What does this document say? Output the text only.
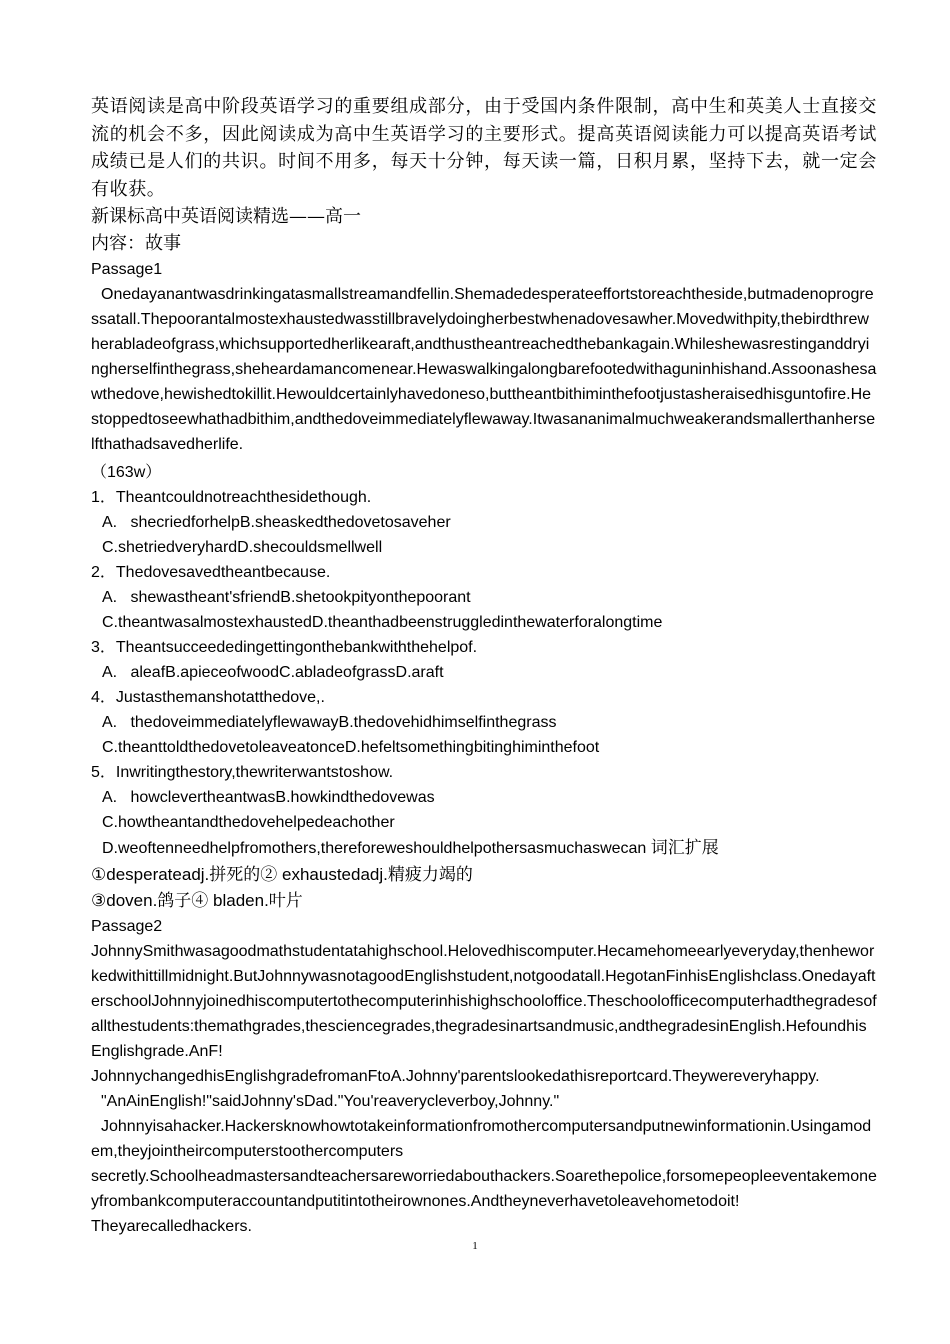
英语阅读是高中阶段英语学习的重要组成部分，由于受国内条件限制，高中生和英美人士直接交流的机会不多，因此阅读成为高中生英语学习的主要形式。提高英语阅读能力可以提高英语考试成绩已是人们的共识。时间不用多，每天十分钟，每天读一篇，日积月累，坚持下去，就一定会有收获。

新课标高中英语阅读精选——高一

内容：故事

Passage1

Onedayanantwasdrinkingatasmallstreamandfellin.Shemadedesperateeffortstoreachtheside,butmadenoprogressatall.Thepoorantalmostexhaustedwasstillbravelydoingherbestwhenadovesawher.Movedwithpity,thebirdthrewherabladeofgrass,whichsupportedherlikearaft,andthustheantreachedthebankagain.Whileshewasrestinganddryingherselfinthegrass,sheheardamancomenear.Hewaswalkingalongbarefootedwithaguninhishand.Assoonashesawthedove,hewishedtokillit.Hewouldcertainlyhavedoneso,buttheantbithiminthefootjustasheraisedhisguntofire.Hestoppedtoseewhathadbithim,andthedoveimmediatelyflewaway.Itwasananimalmuchweakerandsmallerthanherselfthathadsavedherlife.

（163w）

1．Theantcouldnotreachthesidethough.

A.   shecriedforhelpB.sheaskedthedovetosaveher

C.shetriedveryhardD.shecouldsmellwell

2．Thedovesavedtheantbecause.

A.   shewastheant'sfriendB.shetookpityonthepoorant

C.theantwasalmostexhaustedD.theanthadbeenstruggledinthewaterforalongtime

3．Theantsucceededingettingonthebankwiththehelpof.

A.   aleafB.apieceofwoodC.abladeofgrassD.araft

4．Justasthemanshotatthedove,.

A.   thedoveimmediatelyflewawayB.thedovehidhimselfinthegrass

C.theanttoldthedovetoleaveatonceD.hefeltsomethingbitinghiminthefoot

5．Inwritingthestory,thewriterwantstoshow.

A.   howclevertheantwasB.howkindthedovewas

C.howtheantandthedovehelpedeachother

D.weoftenneedhelpfromothers,thereforeweshouldhelpothersasmuchaswecan 词汇扩展

①desperateadj.拼死的② exhaustedadj.精疲力竭的

③doven.鸽子④ bladen.叶片

Passage2

JohnnySmithwasagoodmathstudentatahighschool.Helovedhiscomputer.Hecamehomeearlyeveryday,thenheworkedwithittillmidnight.ButJohnnywasnotagoodEnglishstudent,notgoodatall.HegotanFinhisEnglishclass.OnedayafterschoolJohnnyjoinedhiscomputertothecomputerinhishighschooloffice.Theschoolofficecomputerhadthegradesofallthestudents:themathgrades,thesciencegrades,thegradesinartsandmusic,andthegradesinEnglish.HefoundhisEnglishgrade.AnF!

JohnnychangedhisEnglishgradefromanFtoA.Johnny'parentslookedathisreportcard.Theywereveryhappy.

"AnAinEnglish!"saidJohnny'sDad."You'reaverycleverboy,Johnny."

Johnnyisahacker.Hackersknowhowtotakeinformationfromothercomputersandputnewinformationin.Usingamodem,theyjointheircomputerstoothercomputers

secretly.Schoolheadmastersandteachersareworriedabouthackers.Soarethepolice,forsomepeopleeventakemoneyfrombankcomputeraccountandputitintotheirownones.Andtheyneverhavetoleavehometodoit!

Theyarecalledhackers.

1
